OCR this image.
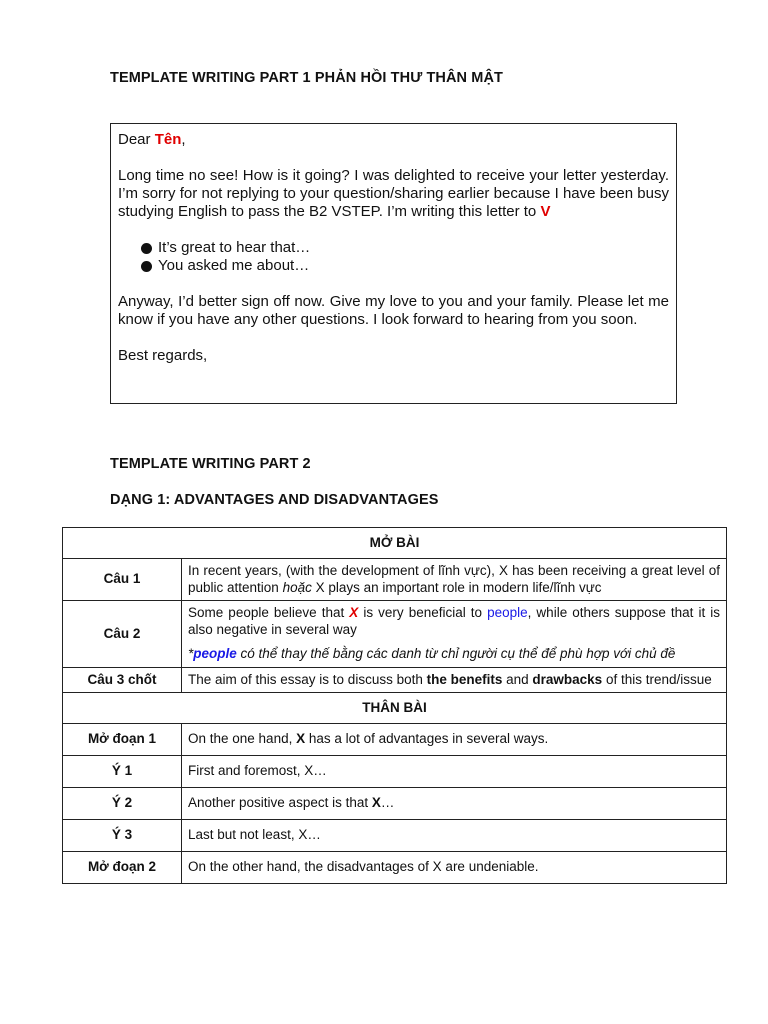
TEMPLATE WRITING PART 1 PHẢN HỒI THƯ THÂN MẬT

Dear Tên,

Long time no see! How is it going? I was delighted to receive your letter yesterday. I’m sorry for not replying to your question/sharing earlier because I have been busy studying English to pass the B2 VSTEP. I’m writing this letter to V

It’s great to hear that…
You asked me about…

Anyway, I’d better sign off now. Give my love to you and your family. Please let me know if you have any other questions. I look forward to hearing from you soon.

Best regards,

TEMPLATE WRITING PART 2
DẠNG 1: ADVANTAGES AND DISADVANTAGES
MỞ BÀI	
Câu 1	In recent years, (with the development of lĩnh vực), X has been receiving a great level of public attention hoặc X plays an important role in modern life/lĩnh vực
Câu 2	Some people believe that X is very beneficial to people, while others suppose that it is also negative in several way

*people có thể thay thế bằng các danh từ chỉ người cụ thể để phù hợp với chủ đề

Câu 3 chốt	The aim of this essay is to discuss both the benefits and drawbacks of this trend/issue
THÂN BÀI	
Mở đoạn 1	On the one hand, X has a lot of advantages in several ways.
Ý 1	First and foremost, X…
Ý 2	Another positive aspect is that X…
Ý 3	Last but not least, X…
Mở đoạn 2	On the other hand, the disadvantages of X are undeniable.
